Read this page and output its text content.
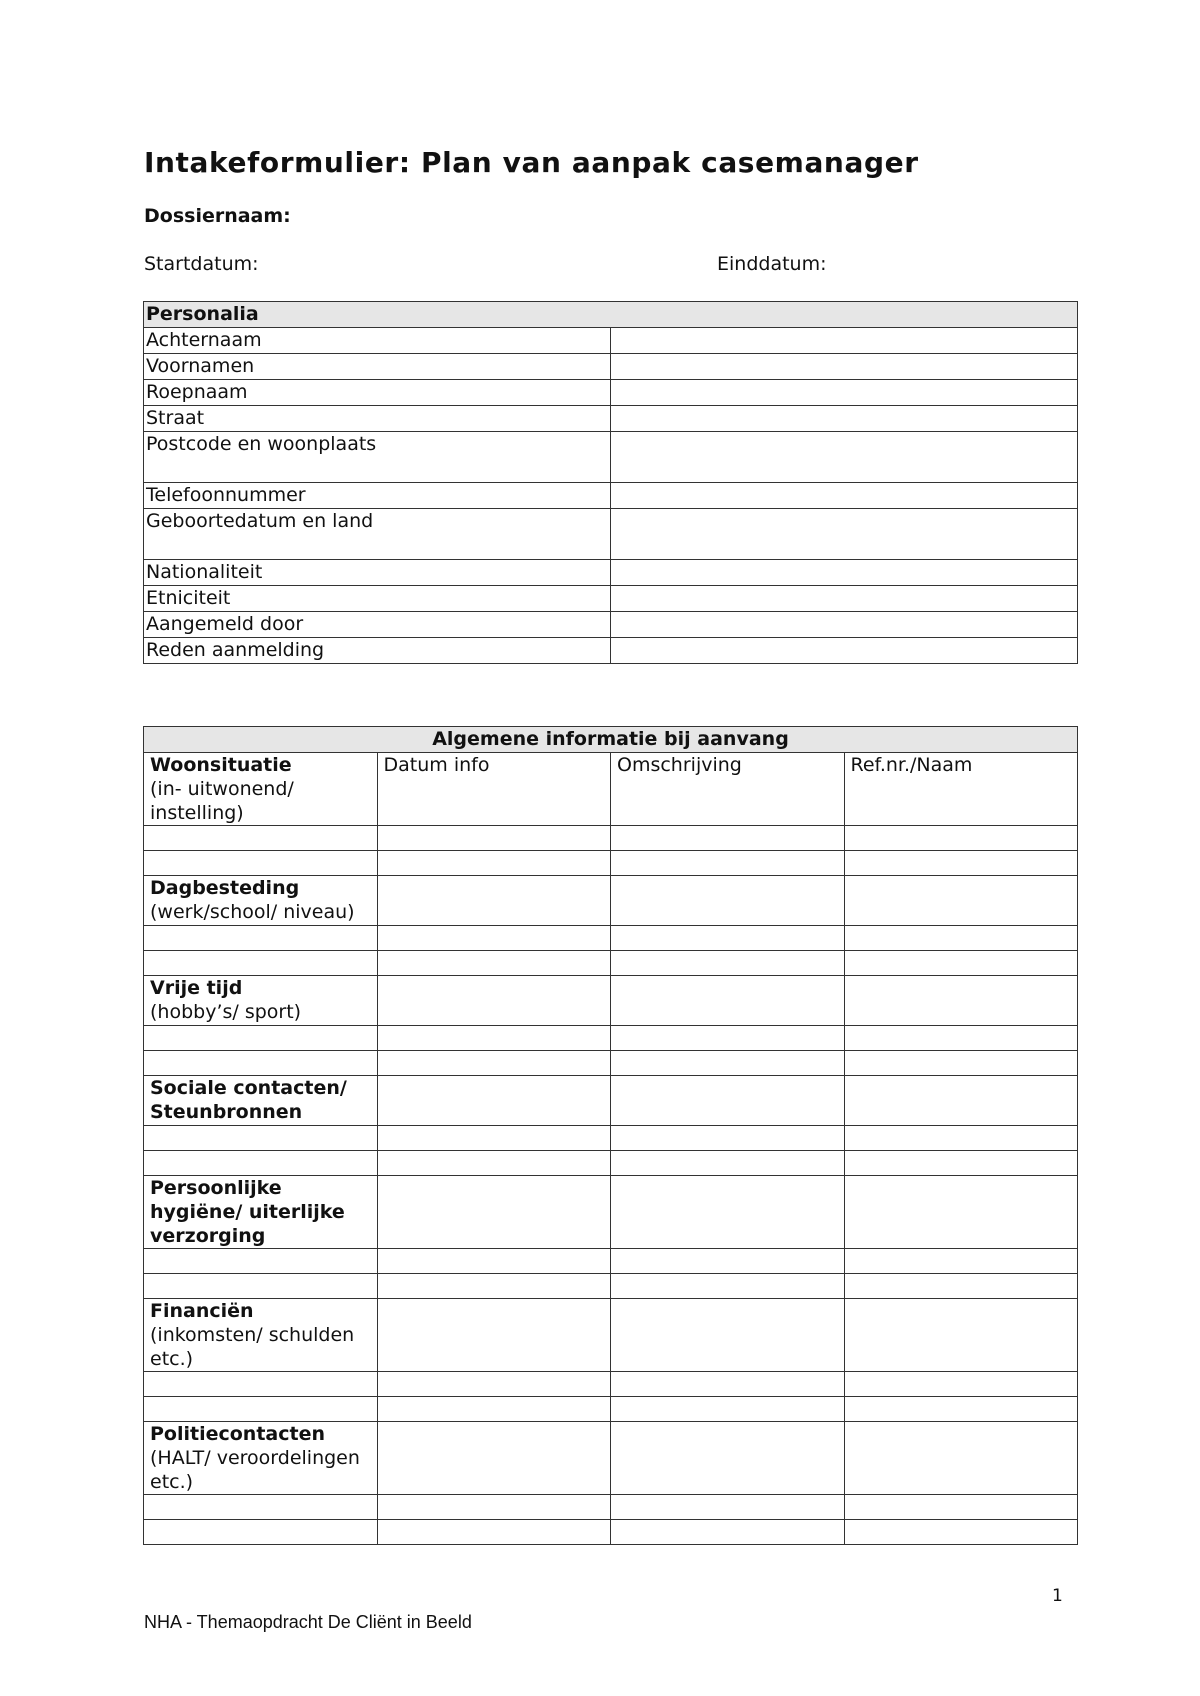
Intakeformulier: Plan van aanpak casemanager
Dossiernaam:
Startdatum:	Einddatum:
Personalia	
Achternaam	
Voornamen	
Roepnaam	
Straat	
Postcode en woonplaats	
Telefoonnummer	
Geboortedatum en land	
Nationaliteit	
Etniciteit	
Aangemeld door	
Reden aanmelding	
Algemene informatie bij aanvang			

Woonsituatie
(in- uitwonend/ instelling)	Datum info	Omschrijving	Ref.nr./Naam

Dagbesteding
(werk/school/ niveau)			

Vrije tijd
(hobby’s/ sport)			

Sociale contacten/ Steunbronnen			

Persoonlijke hygiëne/ uiterlijke verzorging			

Financiën
(inkomsten/ schulden etc.)			

Politiecontacten
(HALT/ veroordelingen etc.)			

1
NHA - Themaopdracht De Cliënt in Beeld
